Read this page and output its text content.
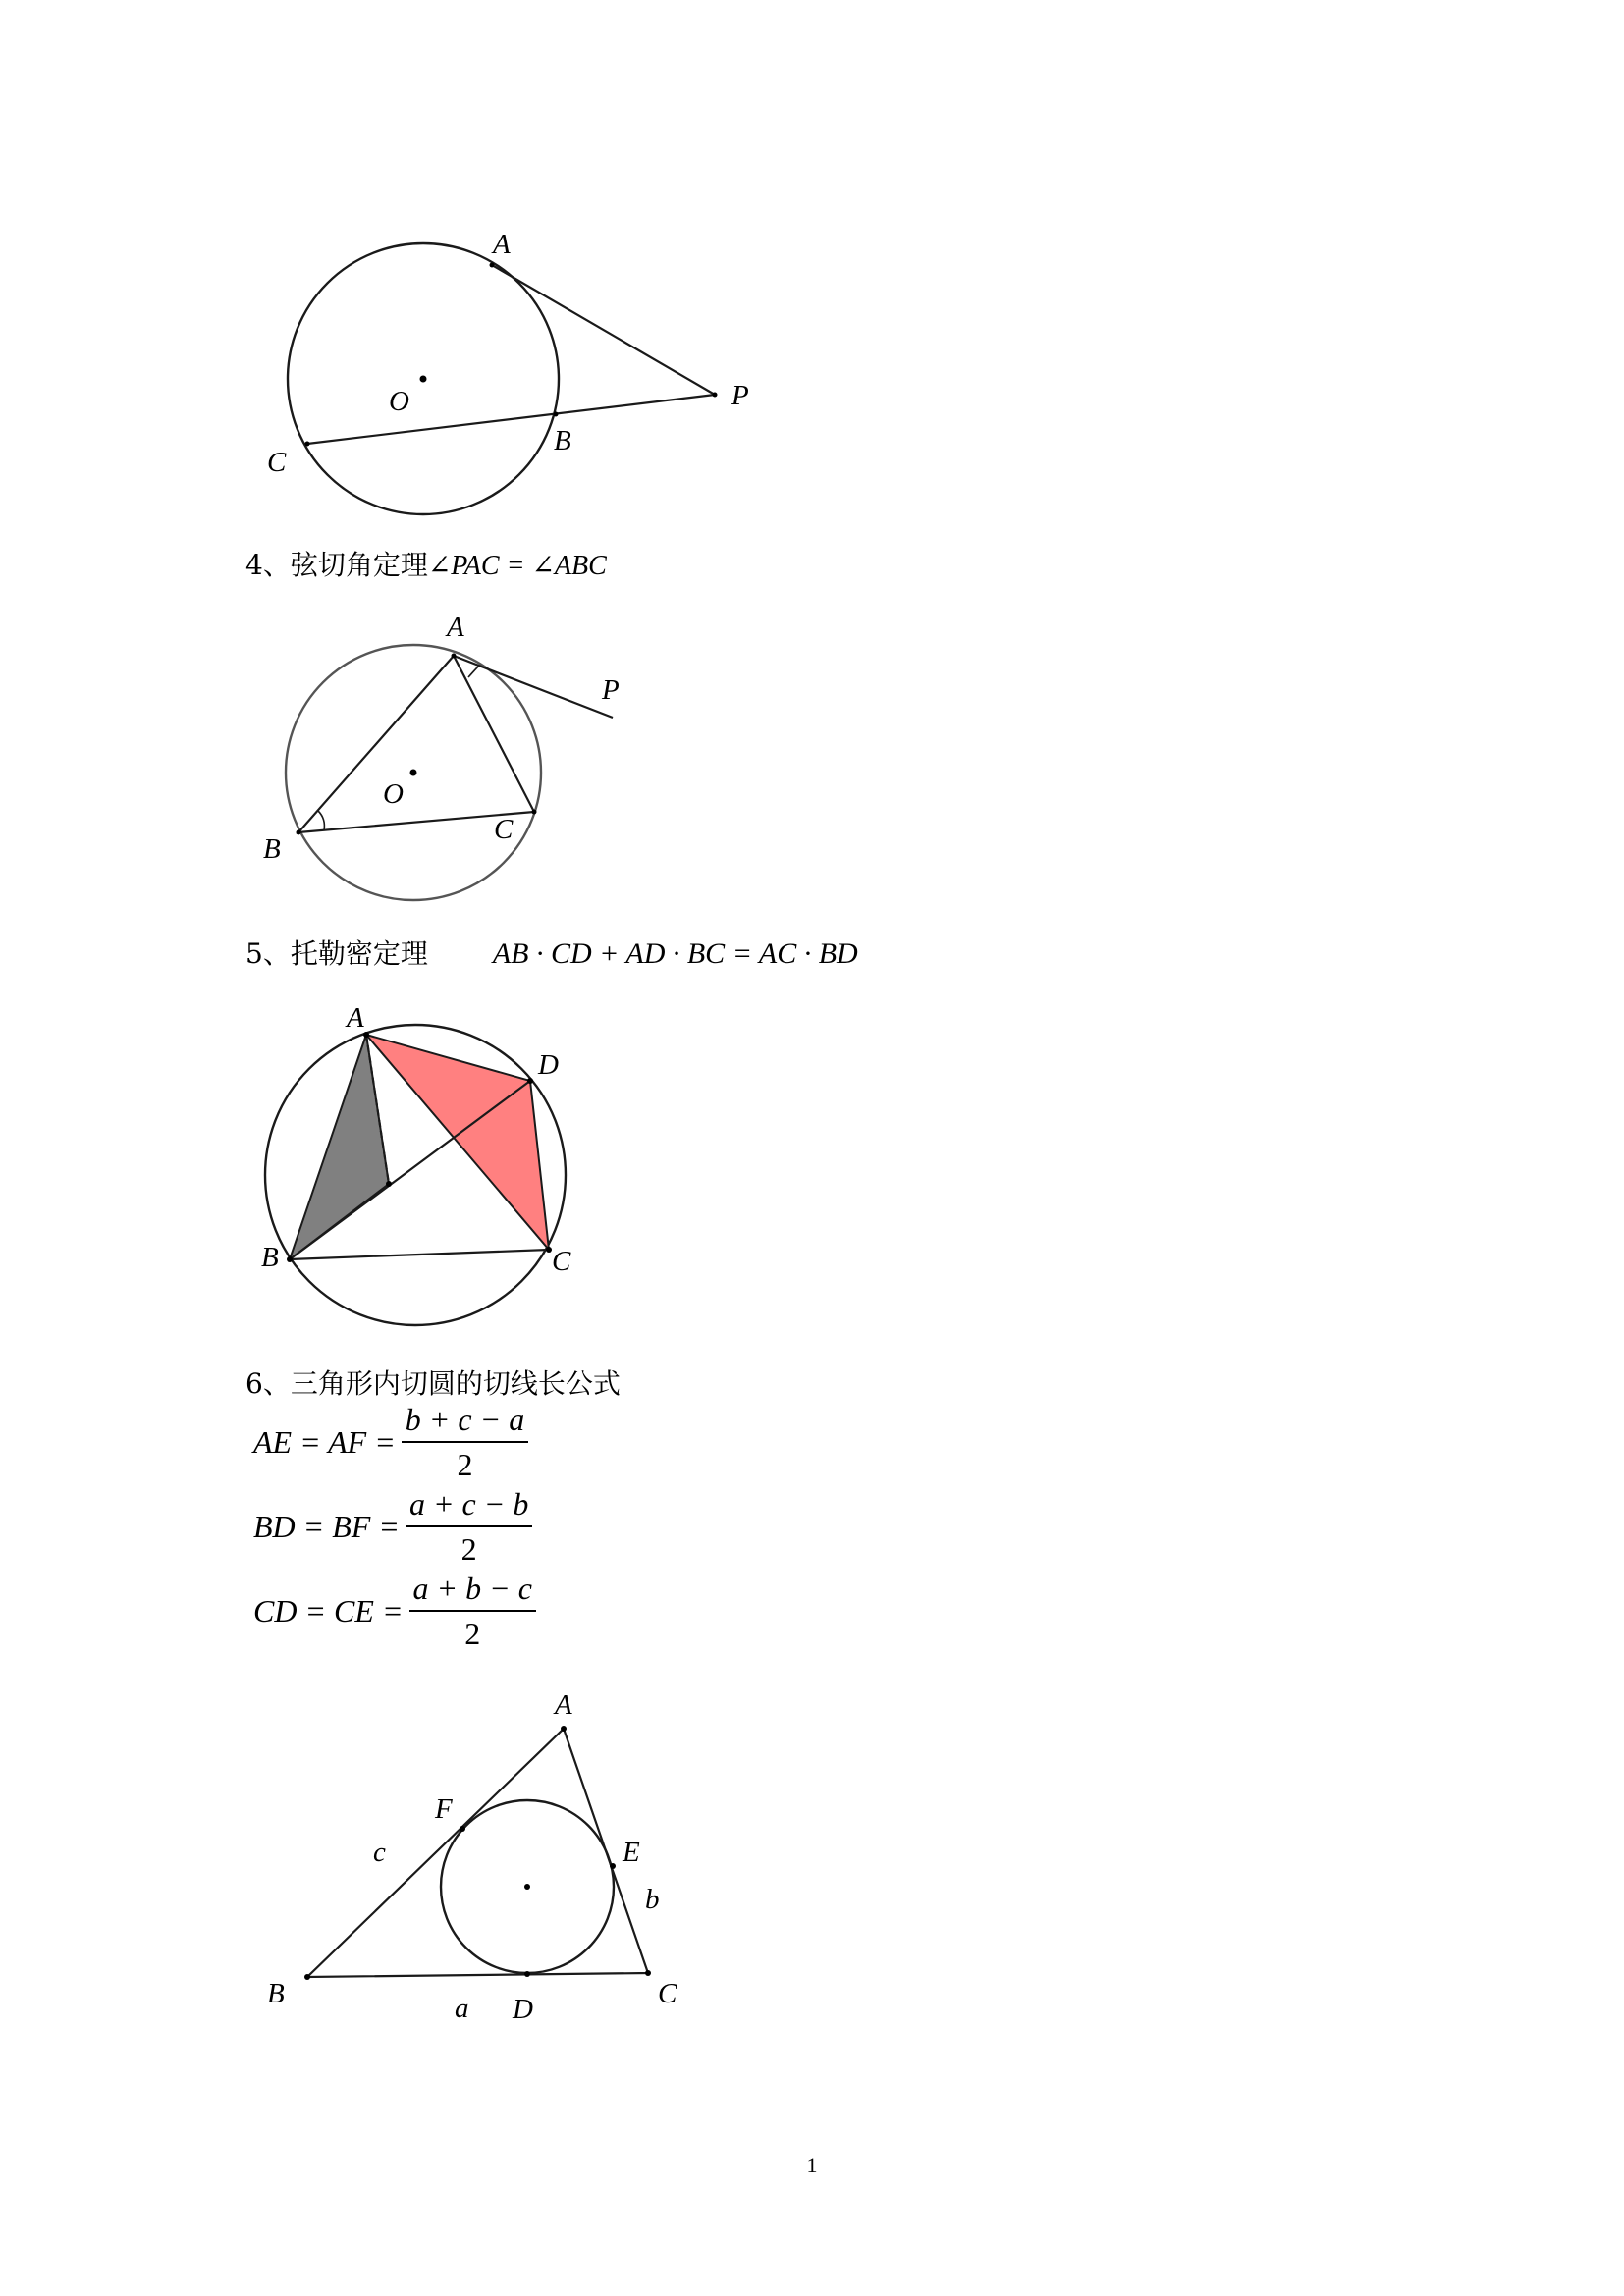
A
P
O
B
C
4、弦切角定理∠PAC = ∠ABC
A
P
O
B
C
5、托勒密定理 AB · CD + AD · BC = AC · BD
A
D
B	C
6、三角形内切圆的切线长公式
AE = AF = $\frac{b + c - a}{2}$
BD = BF = $\frac{a + c - b}{2}$
CD = CE = $\frac{a + b - c}{2}$
A
F
E
c
b
B	C
a D
1
